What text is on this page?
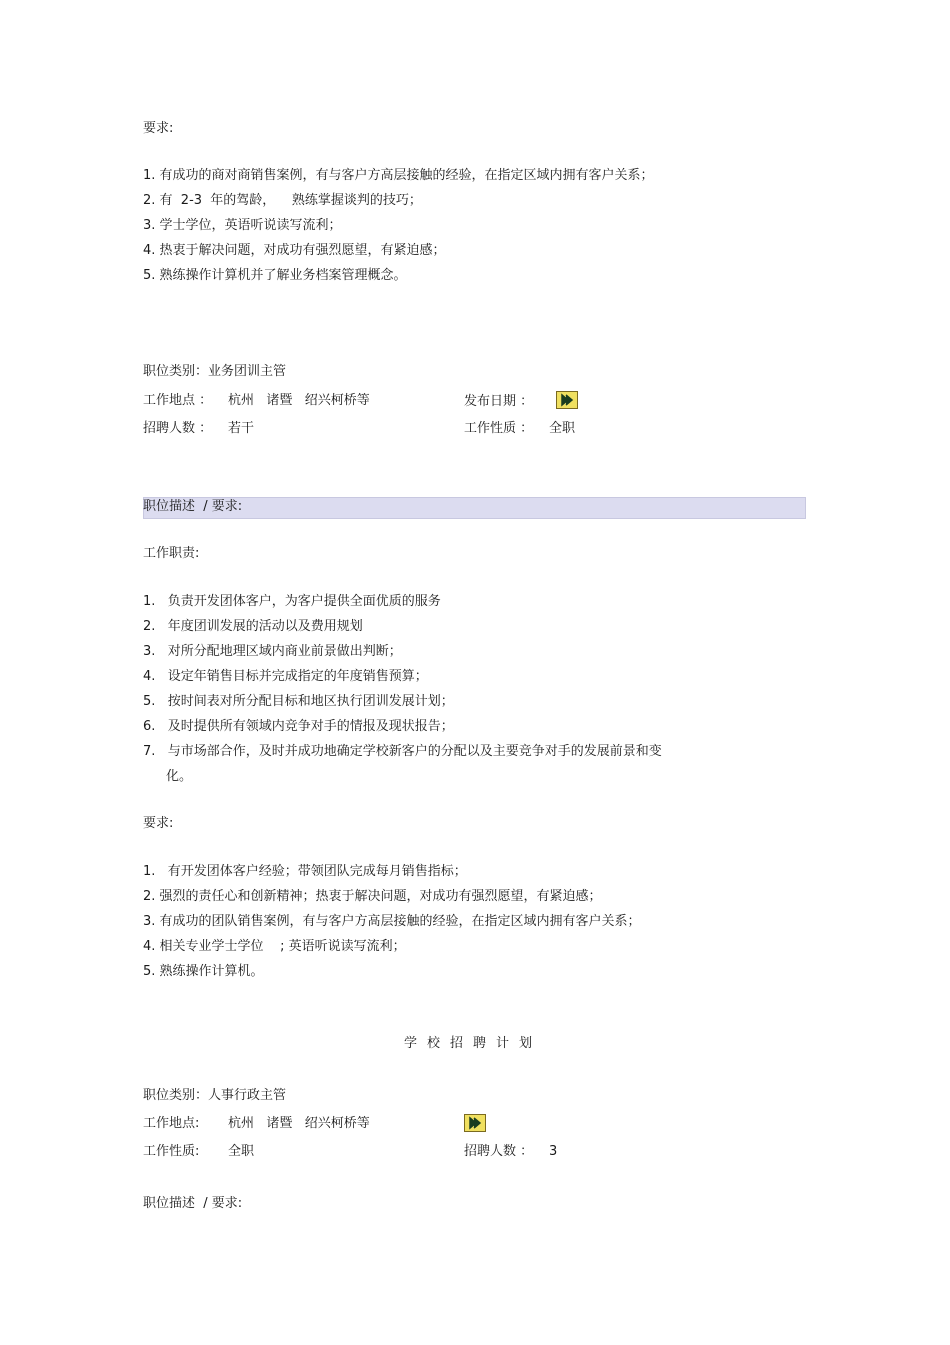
要求:
1. 有成功的商对商销售案例，有与客户方高层接触的经验，在指定区域内拥有客户关系；
2. 有  2-3  年的驾龄，    熟练掌握谈判的技巧；
3. 学士学位，英语听说读写流利；
4. 热衷于解决问题，对成功有强烈愿望，有紧迫感；
5. 熟练操作计算机并了解业务档案管理概念。
职位类别：业务团训主管
工作地点 ： 杭州   诸暨   绍兴柯桥等	发布日期 ：
招聘人数 ： 若干	工作性质 ： 全职
职位描述  / 要求:
工作职责:
1.   负责开发团体客户，为客户提供全面优质的服务
2.   年度团训发展的活动以及费用规划
3.   对所分配地理区域内商业前景做出判断；
4.   设定年销售目标并完成指定的年度销售预算；
5.   按时间表对所分配目标和地区执行团训发展计划；
6.   及时提供所有领域内竞争对手的情报及现状报告；
7.   与市场部合作，及时并成功地确定学校新客户的分配以及主要竞争对手的发展前景和变
化。
要求:
1.   有开发团体客户经验；带领团队完成每月销售指标；
2. 强烈的责任心和创新精神；热衷于解决问题，对成功有强烈愿望，有紧迫感；
3. 有成功的团队销售案例，有与客户方高层接触的经验，在指定区域内拥有客户关系；
4. 相关专业学士学位    ; 英语听说读写流利；
5. 熟练操作计算机。
学校招聘计划
职位类别：人事行政主管
工作地点: 杭州   诸暨   绍兴柯桥等
工作性质: 全职	招聘人数 ： 3
职位描述  / 要求:
